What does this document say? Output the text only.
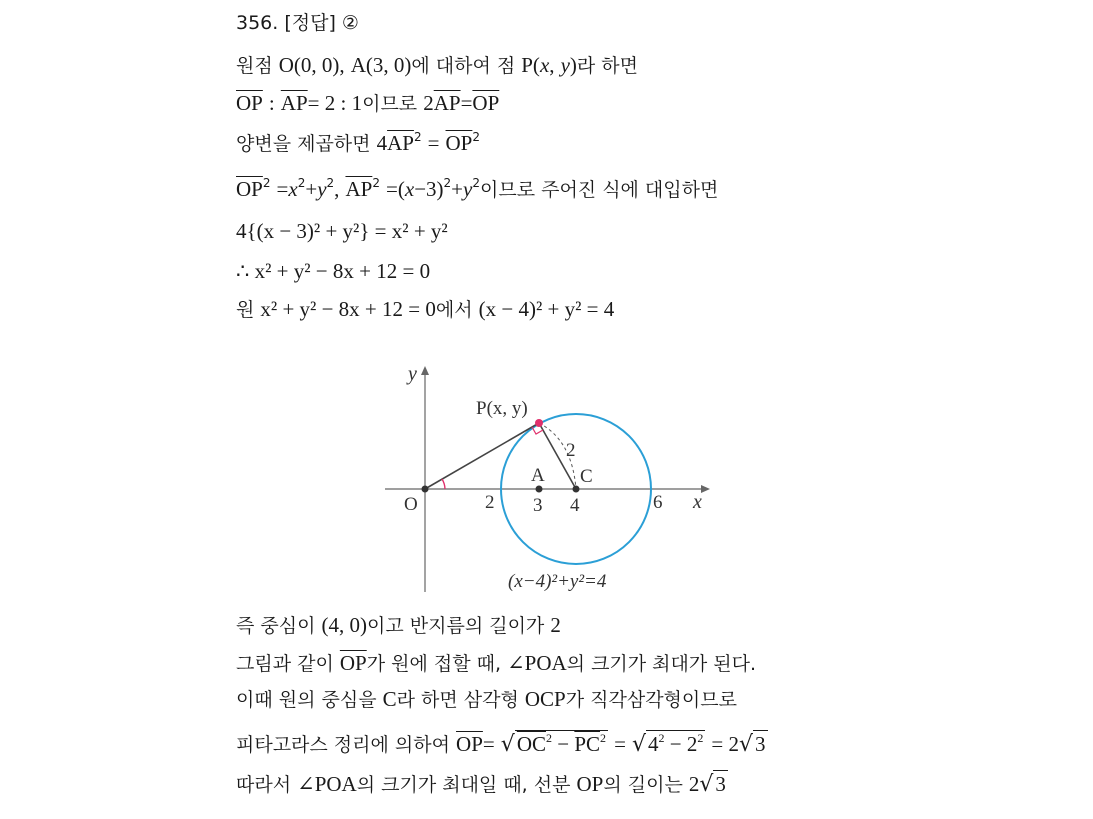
356. [정답] ②
원점 O(0, 0), A(3, 0)에 대하여 점 P(x, y)라 하면
$\overline{OP}$ : $\overline{AP}= 2$ : 1이므로 $2\overline{AP}=\overline{OP}$
양변을 제곱하면 $4\overline{AP}^2 = \overline{OP}^2$
$\overline{OP}^2 =x^2+y^2$, $\overline{AP}^2 =(x-3)^2+y^2$이므로 주어진 식에 대입하면
4{(x − 3)² + y²} = x² + y²
∴ x² + y² − 8x + 12 = 0
원 x² + y² − 8x + 12 = 0에서 (x − 4)² + y² = 4
y
x
O
P(x, y)
A C
2 3 4	6
2
(x−4)²+y²=4
즉 중심이 (4, 0)이고 반지름의 길이가 2
그림과 같이 $\overline{OP}$가 원에 접할 때, ∠POA의 크기가 최대가 된다.
이때 원의 중심을 C라 하면 삼각형 OCP가 직각삼각형이므로
피타고라스 정리에 의하여 $\overline{OP}= √OC^2 - \overline{PC}^2 = √4^2 - 2^2 = 2√3$
따라서 ∠POA의 크기가 최대일 때, 선분 OP의 길이는 2√3
